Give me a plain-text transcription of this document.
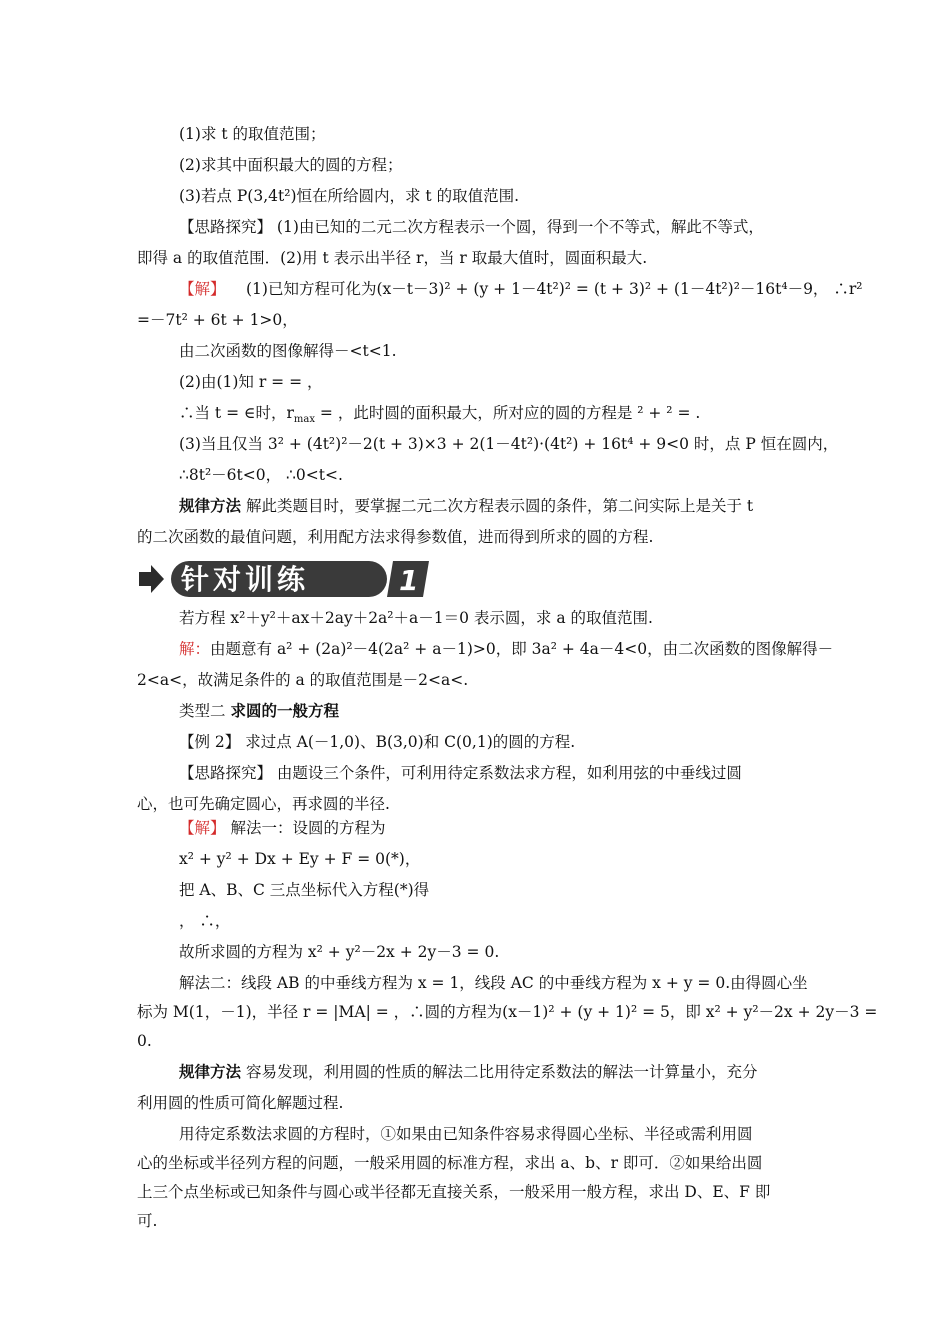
(1)求 t 的取值范围；
(2)求其中面积最大的圆的方程；
(3)若点 P(3,4t²)恒在所给圆内，求 t 的取值范围.
【思路探究】 (1)由已知的二元二次方程表示一个圆，得到一个不等式，解此不等式，
即得 a 的取值范围．(2)用 t 表示出半径 r，当 r 取最大值时，圆面积最大.
【解】 (1)已知方程可化为(x－t－3)² + (y + 1－4t²)² = (t + 3)² + (1－4t²)²－16t⁴－9， ∴r²
=－7t² + 6t + 1>0，
由二次函数的图像解得－<t<1.
(2)由(1)知 r = = ，
∴当 t = ∈时，$r_{max}$ = ，此时圆的面积最大，所对应的圆的方程是 ² + ² = .
(3)当且仅当 3² + (4t²)²－2(t + 3)×3 + 2(1－4t²)·(4t²) + 16t⁴ + 9<0 时，点 P 恒在圆内，
∴8t²－6t<0， ∴0<t<.
规律方法 解此类题目时，要掌握二元二次方程表示圆的条件，第二问实际上是关于 t
的二次函数的最值问题，利用配方法求得参数值，进而得到所求的圆的方程.
针对训练	1
若方程 x²＋y²＋ax＋2ay＋2a²＋a－1＝0 表示圆，求 a 的取值范围.
解：由题意有 a² + (2a)²－4(2a² + a－1)>0，即 3a² + 4a－4<0，由二次函数的图像解得－
2<a<，故满足条件的 a 的取值范围是－2<a<.
类型二 求圆的一般方程
【例 2】 求过点 A(－1,0)、B(3,0)和 C(0,1)的圆的方程.
【思路探究】 由题设三个条件，可利用待定系数法求方程，如利用弦的中垂线过圆
心，也可先确定圆心，再求圆的半径.
【解】 解法一：设圆的方程为
x² + y² + Dx + Ey + F = 0(*)，
把 A、B、C 三点坐标代入方程(*)得
， ∴，
故所求圆的方程为 x² + y²－2x + 2y－3 = 0.
解法二：线段 AB 的中垂线方程为 x = 1，线段 AC 的中垂线方程为 x + y = 0.由得圆心坐
标为 M(1，－1)，半径 r = |MA| = ，∴圆的方程为(x－1)² + (y + 1)² = 5，即 x² + y²－2x + 2y－3 =
0.
规律方法 容易发现，利用圆的性质的解法二比用待定系数法的解法一计算量小，充分
利用圆的性质可简化解题过程.
用待定系数法求圆的方程时，①如果由已知条件容易求得圆心坐标、半径或需利用圆
心的坐标或半径列方程的问题，一般采用圆的标准方程，求出 a、b、r 即可．②如果给出圆
上三个点坐标或已知条件与圆心或半径都无直接关系，一般采用一般方程，求出 D、E、F 即
可.
